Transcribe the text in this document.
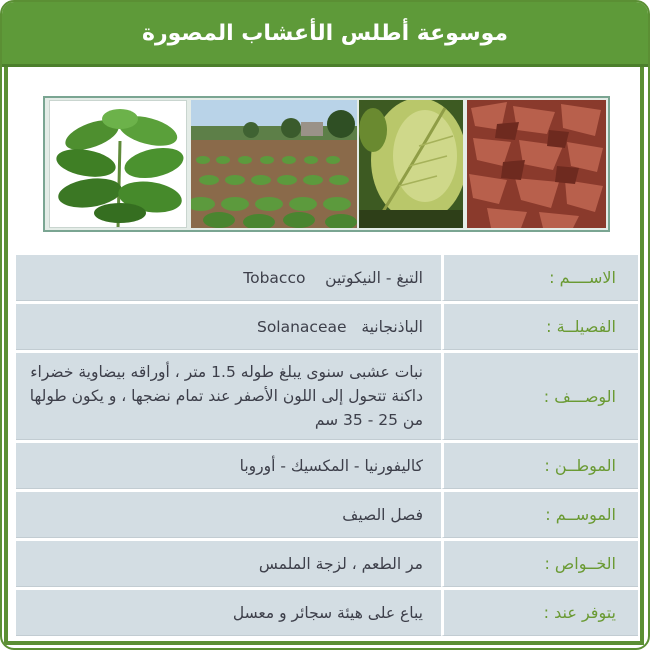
موسوعة أطلس الأعشاب المصورة
الاســــم :	التبغ - النيكوتين    Tobacco
الفصيلــة :	الباذنجانية   Solanaceae
الوصـــف :	نبات عشبى سنوى يبلغ طوله 1.5 متر ، أوراقه بيضاوية خضراء داكنة تتحول إلى اللون الأصفر عند تمام نضجها ، و يكون طولها من 25 - 35 سم
الموطــن :	كاليفورنيا - المكسيك - أوروبا
الموســم :	فصل الصيف
الخــواص :	مر الطعم ، لزجة الملمس
يتوفر عند :	يباع على هيئة سجائر و معسل
